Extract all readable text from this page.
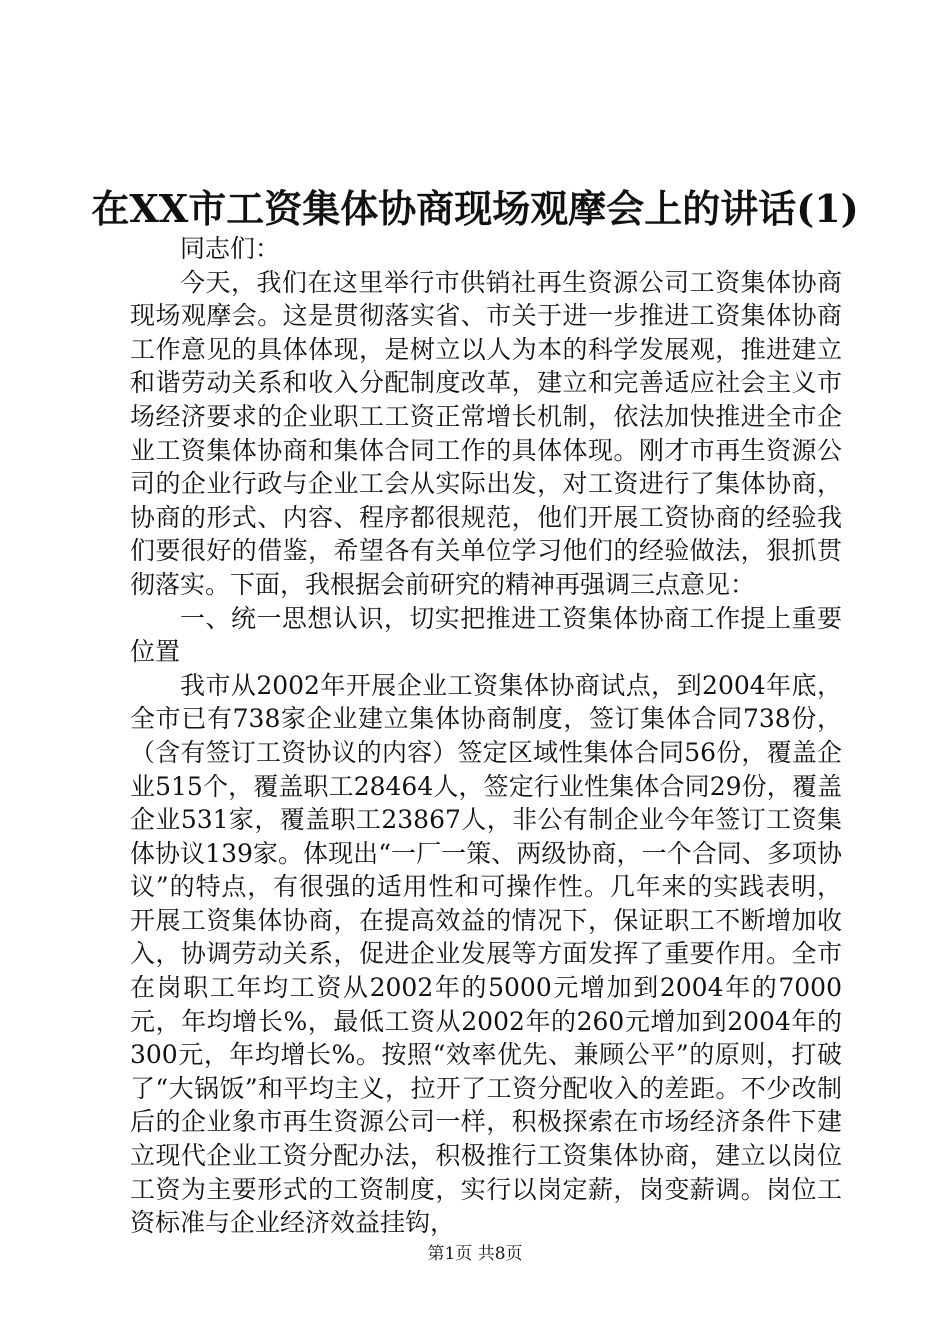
在XX市工资集体协商现场观摩会上的讲话(1)

同志们：

今天，我们在这里举行市供销社再生资源公司工资集体协商现场观摩会。这是贯彻落实省、市关于进一步推进工资集体协商工作意见的具体体现，是树立以人为本的科学发展观，推进建立和谐劳动关系和收入分配制度改革，建立和完善适应社会主义市场经济要求的企业职工工资正常增长机制，依法加快推进全市企业工资集体协商和集体合同工作的具体体现。刚才市再生资源公司的企业行政与企业工会从实际出发，对工资进行了集体协商，协商的形式、内容、程序都很规范，他们开展工资协商的经验我们要很好的借鉴，希望各有关单位学习他们的经验做法，狠抓贯彻落实。下面，我根据会前研究的精神再强调三点意见：

一、统一思想认识，切实把推进工资集体协商工作提上重要位置

我市从2002年开展企业工资集体协商试点，到2004年底，全市已有738家企业建立集体协商制度，签订集体合同738份，（含有签订工资协议的内容）签定区域性集体合同56份，覆盖企业515个，覆盖职工28464人，签定行业性集体合同29份，覆盖企业531家，覆盖职工23867人，非公有制企业今年签订工资集体协议139家。体现出“一厂一策、两级协商，一个合同、多项协议”的特点，有很强的适用性和可操作性。几年来的实践表明，开展工资集体协商，在提高效益的情况下，保证职工不断增加收入，协调劳动关系，促进企业发展等方面发挥了重要作用。全市在岗职工年均工资从2002年的5000元增加到2004年的7000元，年均增长%，最低工资从2002年的260元增加到2004年的300元，年均增长%。按照“效率优先、兼顾公平”的原则，打破了“大锅饭”和平均主义，拉开了工资分配收入的差距。不少改制后的企业象市再生资源公司一样，积极探索在市场经济条件下建立现代企业工资分配办法，积极推行工资集体协商，建立以岗位工资为主要形式的工资制度，实行以岗定薪，岗变薪调。岗位工资标准与企业经济效益挂钩，

第1页 共8页
